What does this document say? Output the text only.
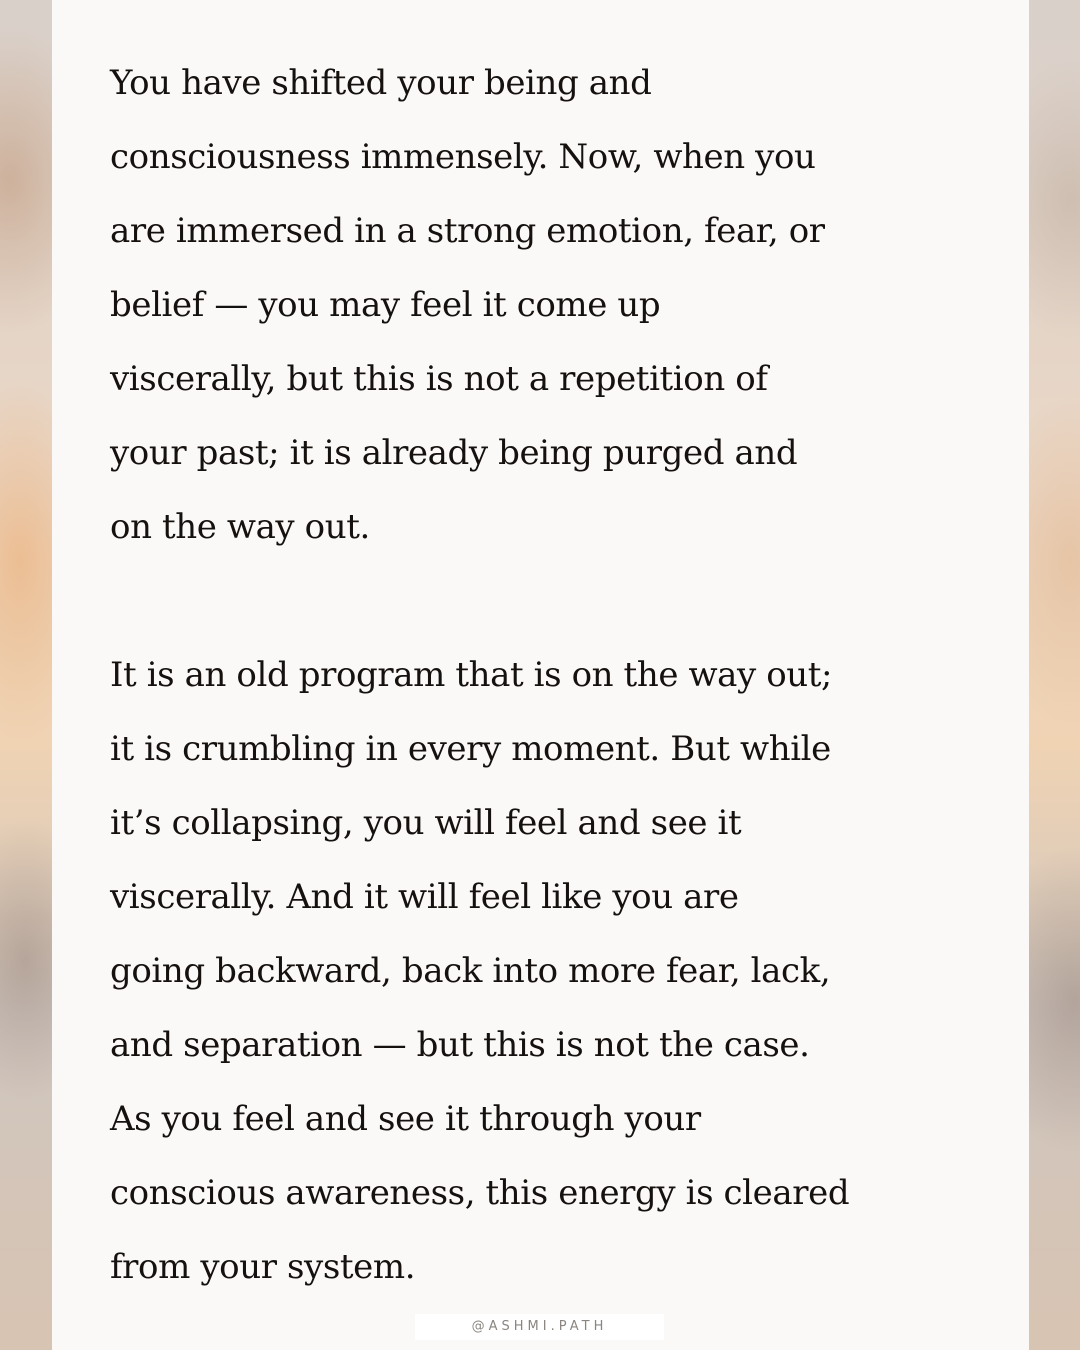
You have shifted your being and
consciousness immensely. Now, when you
are immersed in a strong emotion, fear, or
belief — you may feel it come up
viscerally, but this is not a repetition of
your past; it is already being purged and
on the way out.
It is an old program that is on the way out;
it is crumbling in every moment. But while
it’s collapsing, you will feel and see it
viscerally. And it will feel like you are
going backward, back into more fear, lack,
and separation — but this is not the case.
As you feel and see it through your
conscious awareness, this energy is cleared
from your system.
@ASHMI.PATH
